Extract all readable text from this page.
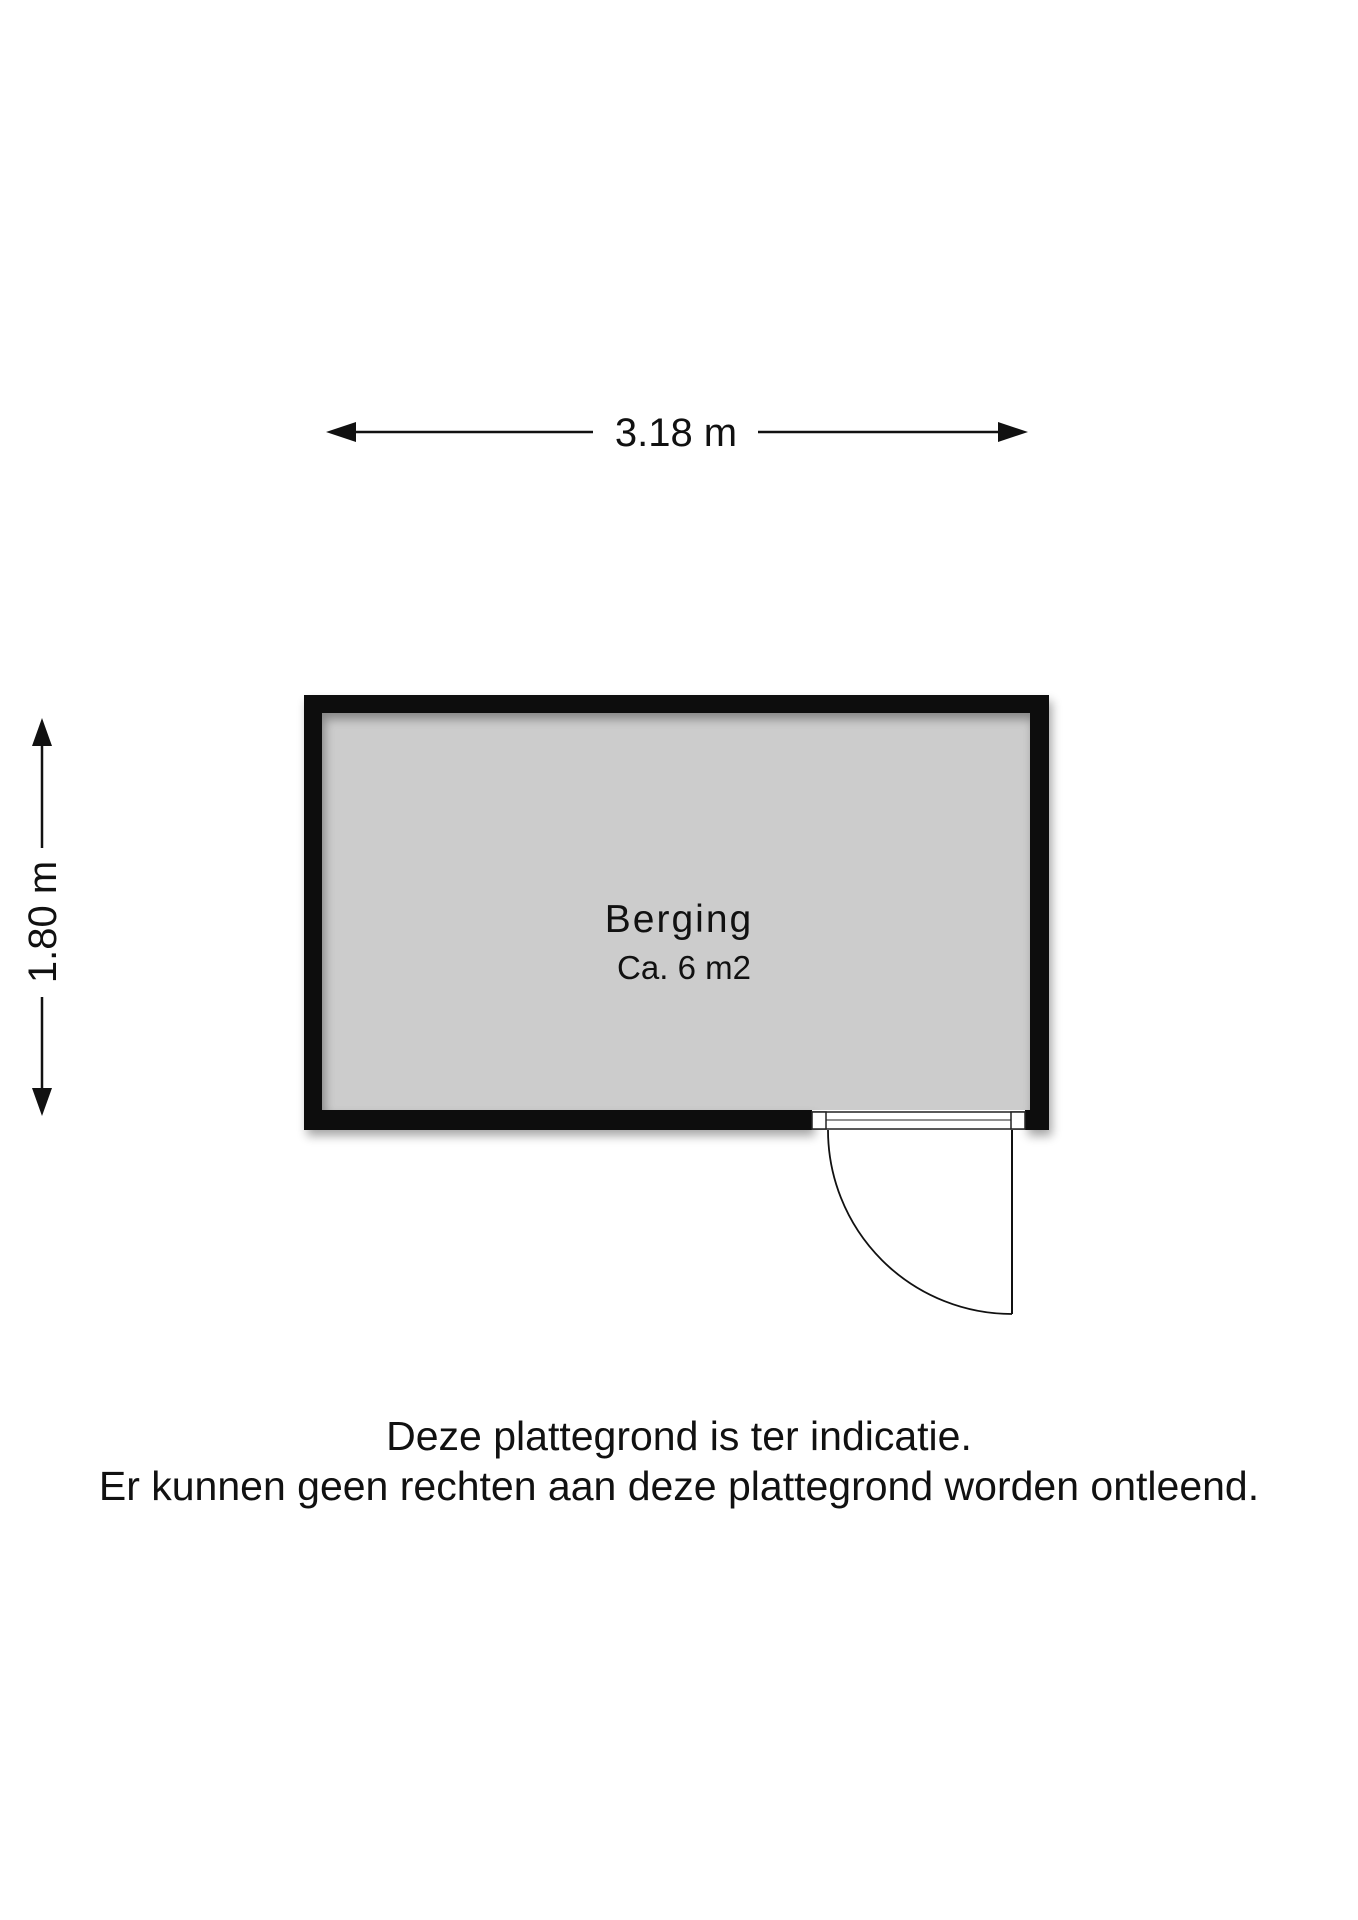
3.18 m
1.80 m	Berging
Ca. 6 m2
Deze plattegrond is ter indicatie.
Er kunnen geen rechten aan deze plattegrond worden ontleend.
